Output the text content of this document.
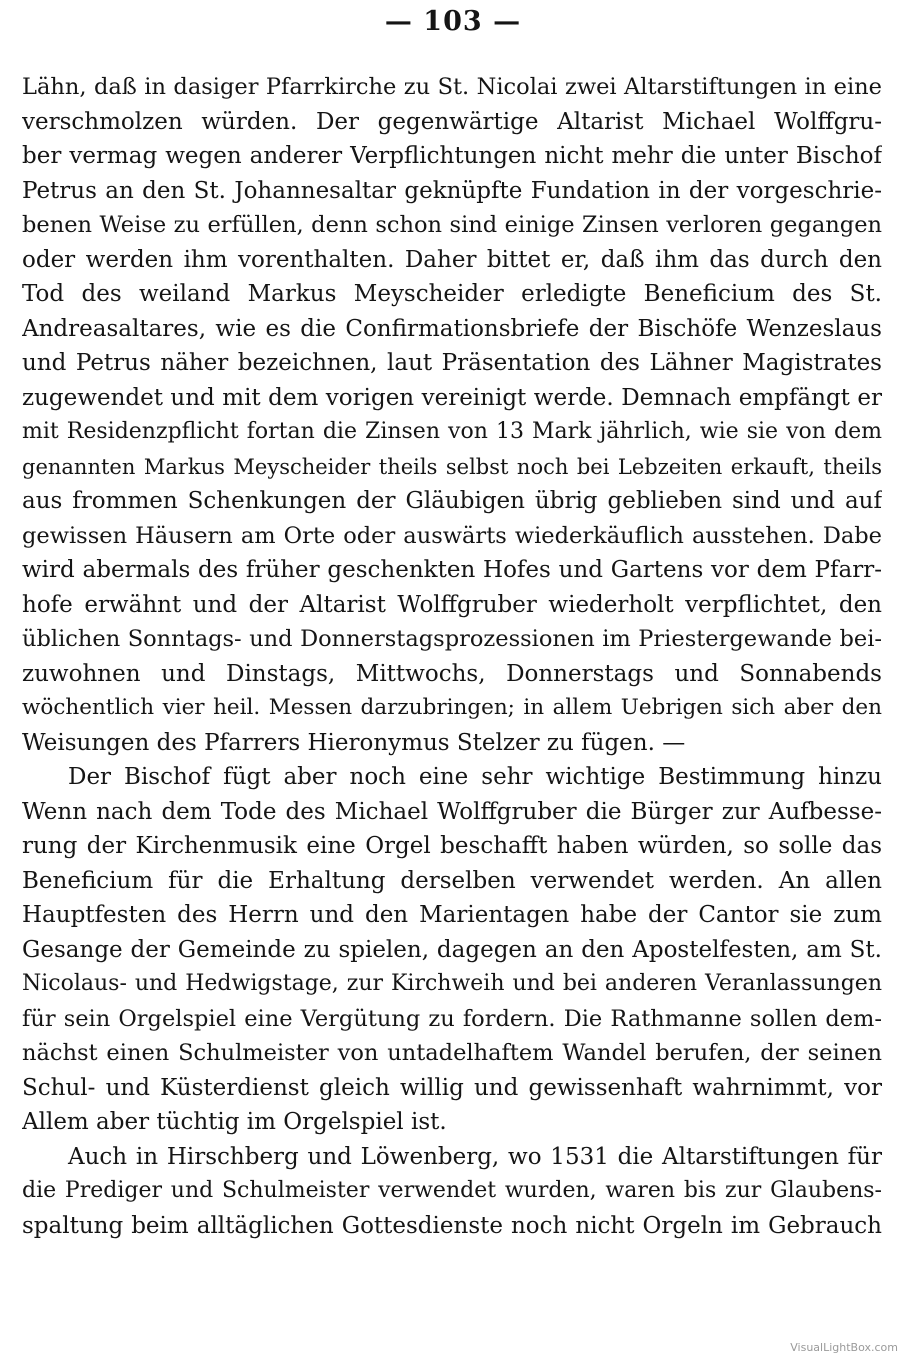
— 103 —
Lähn, daß in dasiger Pfarrkirche zu St. Nicolai zwei Altarstiftungen in eine
verschmolzen würden. Der gegenwärtige Altarist Michael Wolffgru-
ber vermag wegen anderer Verpflichtungen nicht mehr die unter Bischof
Petrus an den St. Johannesaltar geknüpfte Fundation in der vorgeschrie-
benen Weise zu erfüllen, denn schon sind einige Zinsen verloren gegangen
oder werden ihm vorenthalten. Daher bittet er, daß ihm das durch den
Tod des weiland Markus Meyscheider erledigte Beneficium des St.
Andreasaltares, wie es die Confirmationsbriefe der Bischöfe Wenzeslaus
und Petrus näher bezeichnen, laut Präsentation des Lähner Magistrates
zugewendet und mit dem vorigen vereinigt werde. Demnach empfängt er
mit Residenzpflicht fortan die Zinsen von 13 Mark jährlich, wie sie von dem
genannten Markus Meyscheider theils selbst noch bei Lebzeiten erkauft, theils
aus frommen Schenkungen der Gläubigen übrig geblieben sind und auf
gewissen Häusern am Orte oder auswärts wiederkäuflich ausstehen. Dabe
wird abermals des früher geschenkten Hofes und Gartens vor dem Pfarr-
hofe erwähnt und der Altarist Wolffgruber wiederholt verpflichtet, den
üblichen Sonntags- und Donnerstagsprozessionen im Priestergewande bei-
zuwohnen und Dinstags, Mittwochs, Donnerstags und Sonnabends
wöchentlich vier heil. Messen darzubringen; in allem Uebrigen sich aber den
Weisungen des Pfarrers Hieronymus Stelzer zu fügen. —
Der Bischof fügt aber noch eine sehr wichtige Bestimmung hinzu
Wenn nach dem Tode des Michael Wolffgruber die Bürger zur Aufbesse-
rung der Kirchenmusik eine Orgel beschafft haben würden, so solle das
Beneficium für die Erhaltung derselben verwendet werden. An allen
Hauptfesten des Herrn und den Marientagen habe der Cantor sie zum
Gesange der Gemeinde zu spielen, dagegen an den Apostelfesten, am St.
Nicolaus- und Hedwigstage, zur Kirchweih und bei anderen Veranlassungen
für sein Orgelspiel eine Vergütung zu fordern. Die Rathmanne sollen dem-
nächst einen Schulmeister von untadelhaftem Wandel berufen, der seinen
Schul- und Küsterdienst gleich willig und gewissenhaft wahrnimmt, vor
Allem aber tüchtig im Orgelspiel ist.
Auch in Hirschberg und Löwenberg, wo 1531 die Altarstiftungen für
die Prediger und Schulmeister verwendet wurden, waren bis zur Glaubens-
spaltung beim alltäglichen Gottesdienste noch nicht Orgeln im Gebrauch
VisualLightBox.com
